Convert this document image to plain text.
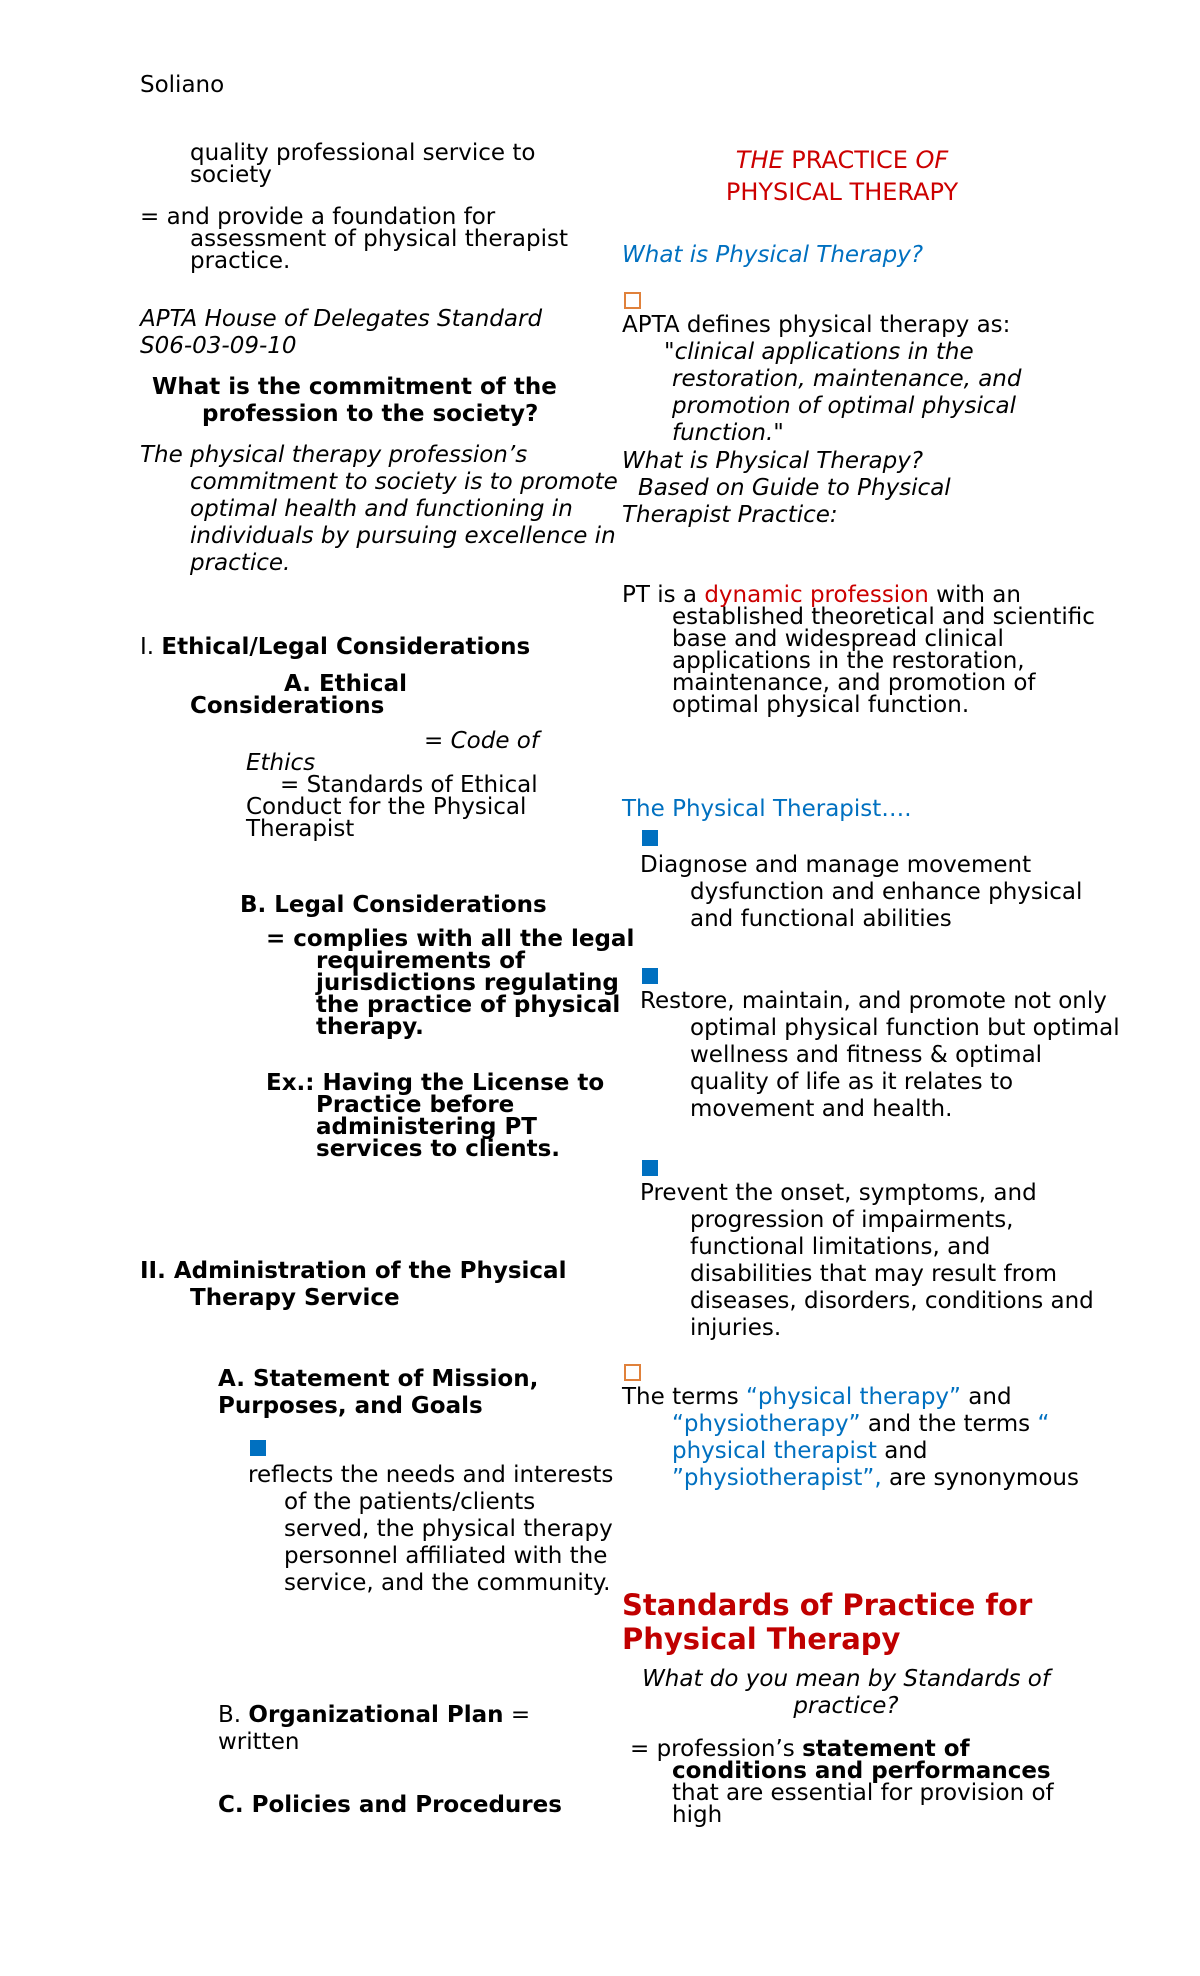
Soliano
quality professional service to society
= and provide a foundation for assessment of physical therapist practice.
APTA House of Delegates Standard S06-03-09-10
What is the commitment of the profession to the society?
The physical therapy profession’s commitment to society is to promote optimal health and functioning in individuals by pursuing excellence in practice.
I. Ethical/Legal Considerations
A. Ethical Considerations
= Code of Ethics
= Standards of Ethical Conduct for the Physical Therapist
B. Legal Considerations
= complies with all the legal requirements of jurisdictions regulating the practice of physical therapy.
Ex.: Having the License to Practice before administering PT services to clients.
II. Administration of the Physical Therapy Service
A. Statement of Mission, Purposes, and Goals
reflects the needs and interests of the patients/clients served, the physical therapy personnel affiliated with the service, and the community.
B. Organizational Plan = written
C. Policies and Procedures
THE PRACTICE OF
PHYSICAL THERAPY
What is Physical Therapy?
APTA defines physical therapy as:
"clinical applications in the restoration, maintenance, and promotion of optimal physical function."
What is Physical Therapy?
Based on Guide to Physical
Therapist Practice:
PT is a dynamic profession with an established theoretical and scientific base and widespread clinical applications in the restoration, maintenance, and promotion of optimal physical function.
The Physical Therapist….
Diagnose and manage movement dysfunction and enhance physical and functional abilities
Restore, maintain, and promote not only optimal physical function but optimal wellness and fitness & optimal quality of life as it relates to movement and health.
Prevent the onset, symptoms, and progression of impairments, functional limitations, and disabilities that may result from diseases, disorders, conditions and injuries.
The terms “physical therapy” and “physiotherapy” and the terms “ physical therapist and ”physiotherapist”, are synonymous
Standards of Practice for Physical Therapy
What do you mean by Standards of practice?
= profession’s statement of conditions and performances that are essential for provision of high
